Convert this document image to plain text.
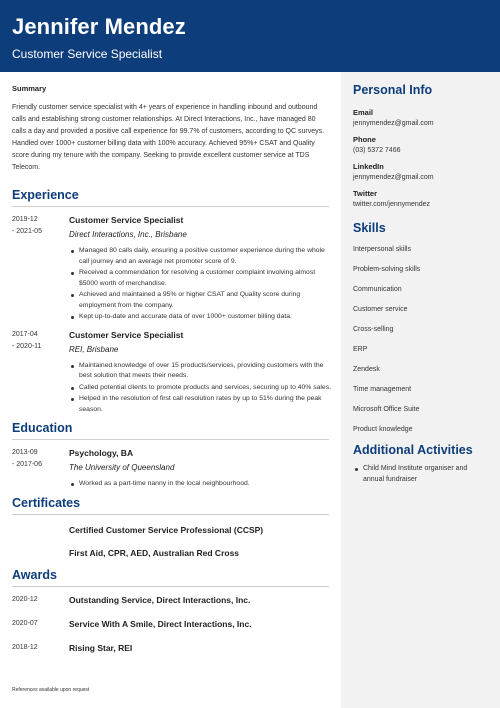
Jennifer Mendez
Customer Service Specialist
Summary
Friendly customer service specialist with 4+ years of experience in handling inbound and outbound calls and establishing strong customer relationships. At Direct Interactions, Inc., have managed 80 calls a day and provided a positive call experience for 99.7% of customers, according to QC surveys. Handled over 1000+ customer billing data with 100% accuracy. Achieved 95%+ CSAT and Quality score during my tenure with the company. Seeking to provide excellent customer service at TDS Telecom.
Experience
2019-12
- 2021-05
Customer Service Specialist
Direct Interactions, Inc., Brisbane
Managed 80 calls daily, ensuring a positive customer experience during the whole call journey and an average net promoter score of 9.
Received a commendation for resolving a customer complaint involving almost $5000 worth of merchandise.
Achieved and maintained a 95% or higher CSAT and Quality score during employment from the company.
Kept up-to-date and accurate data of over 1000+ customer billing data.
2017-04
- 2020-11
Customer Service Specialist
REI, Brisbane
Maintained knowledge of over 15 products/services, providing customers with the best solution that meets their needs.
Called potential clients to promote products and services, securing up to 40% sales.
Helped in the resolution of first call resolution rates by up to 51% during the peak season.
Education
2013-09
- 2017-06
Psychology, BA
The University of Queensland
Worked as a part-time nanny in the local neighbourhood.
Certificates
Certified Customer Service Professional (CCSP)
First Aid, CPR, AED, Australian Red Cross
Awards
2020-12	Outstanding Service, Direct Interactions, Inc.
2020-07	Service With A Smile, Direct Interactions, Inc.
2018-12	Rising Star, REI
References available upon request
Personal Info
Email
jennymendez@gmail.com
Phone
(03) 5372 7466
LinkedIn
jennymendez@gmail.com
Twitter
twitter.com/jennymendez
Skills
Interpersonal skills
Problem-solving skills
Communication
Customer service
Cross-selling
ERP
Zendesk
Time management
Microsoft Office Suite
Product knowledge
Additional Activities
Child Mind Institute organiser and annual fundraiser
